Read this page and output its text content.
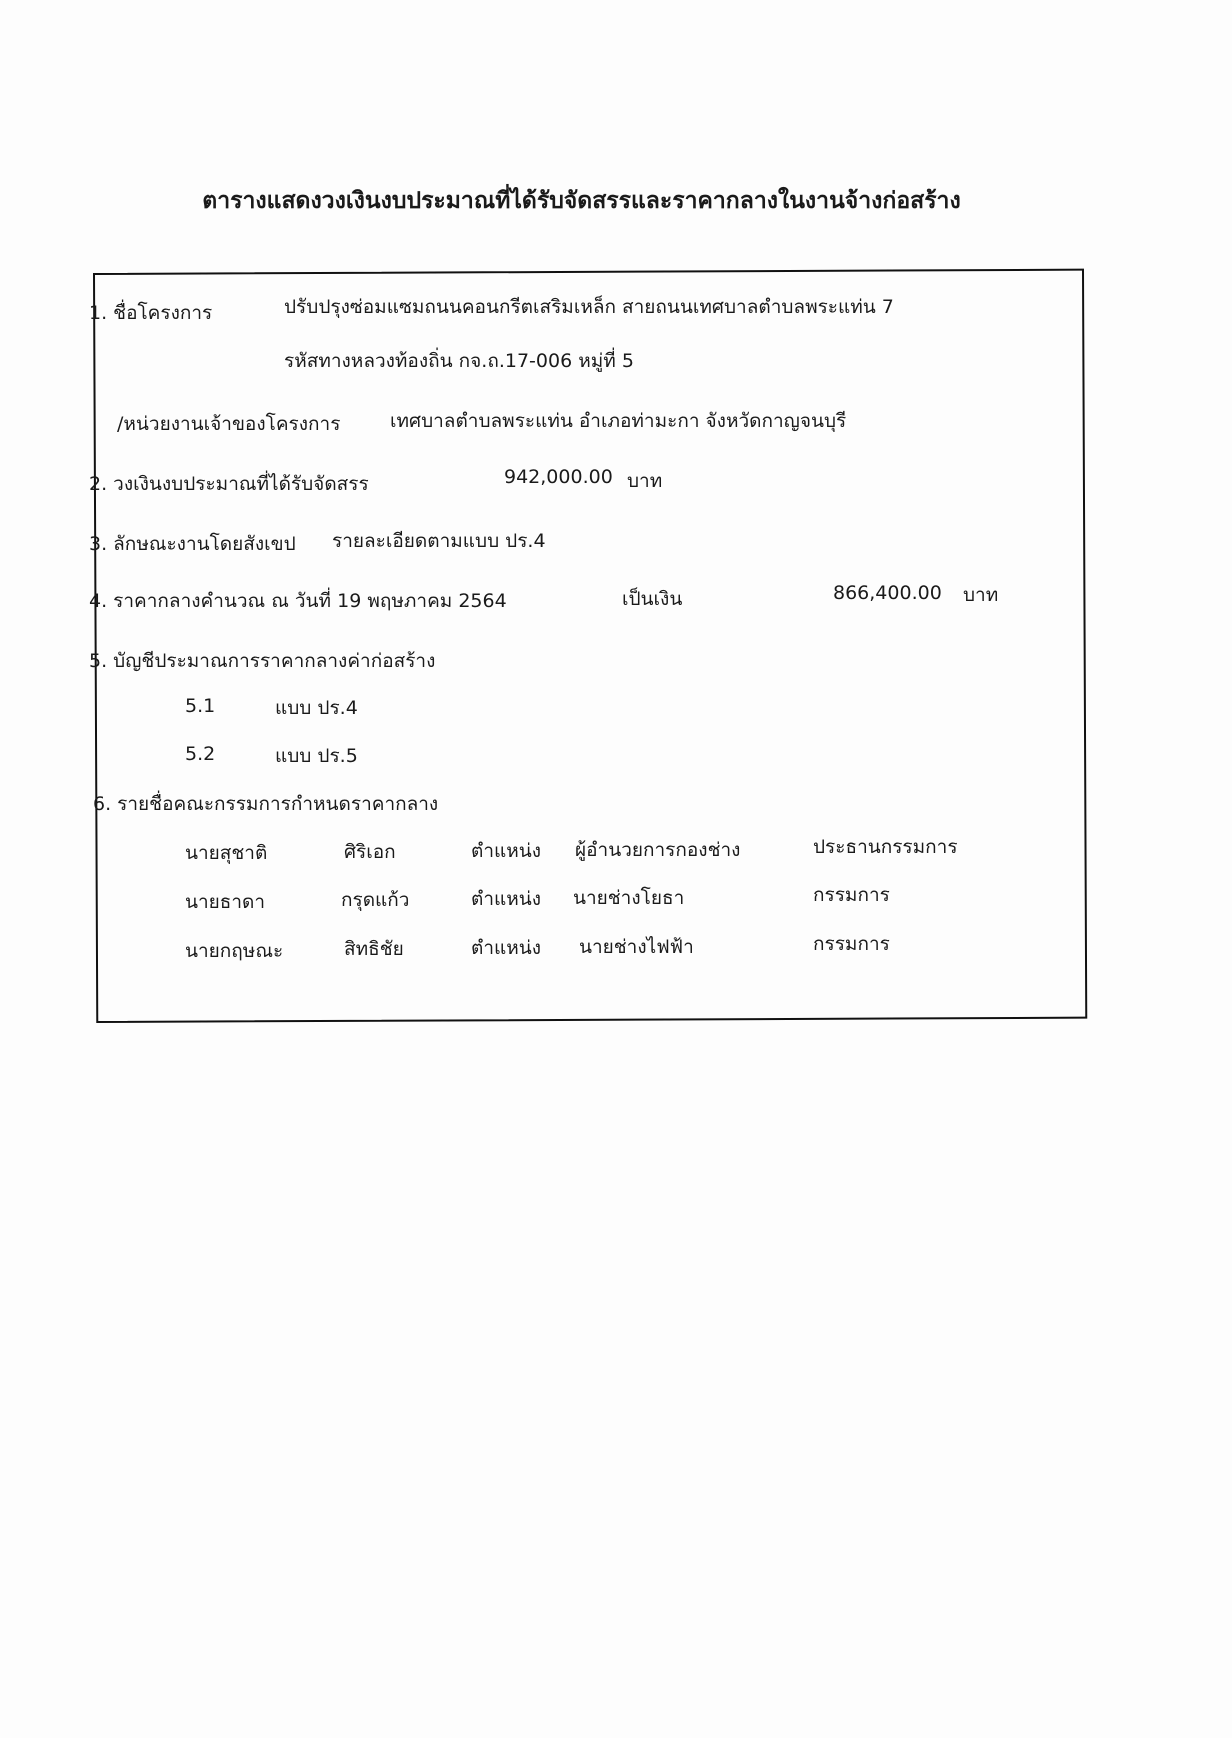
ตารางแสดงวงเงินงบประมาณที่ได้รับจัดสรรและราคากลางในงานจ้างก่อสร้าง
1. ชื่อโครงการ	ปรับปรุงซ่อมแซมถนนคอนกรีตเสริมเหล็ก สายถนนเทศบาลตำบลพระแท่น 7
รหัสทางหลวงท้องถิ่น กจ.ถ.17-006 หมู่ที่ 5
/หน่วยงานเจ้าของโครงการ	เทศบาลตำบลพระแท่น อำเภอท่ามะกา จังหวัดกาญจนบุรี
2. วงเงินงบประมาณที่ได้รับจัดสรร	942,000.00 บาท
3. ลักษณะงานโดยสังเขป รายละเอียดตามแบบ ปร.4
4. ราคากลางคำนวณ ณ วันที่ 19 พฤษภาคม 2564	เป็นเงิน	866,400.00 บาท
5. บัญชีประมาณการราคากลางค่าก่อสร้าง
5.1	แบบ ปร.4
5.2	แบบ ปร.5
6. รายชื่อคณะกรรมการกำหนดราคากลาง
นายสุชาติ	ศิริเอก	ตำแหน่ง ผู้อำนวยการกองช่าง	ประธานกรรมการ
นายธาดา	กรุดแก้ว	ตำแหน่ง นายช่างโยธา	กรรมการ
นายกฤษณะ	สิทธิชัย	ตำแหน่ง นายช่างไฟฟ้า	กรรมการ
